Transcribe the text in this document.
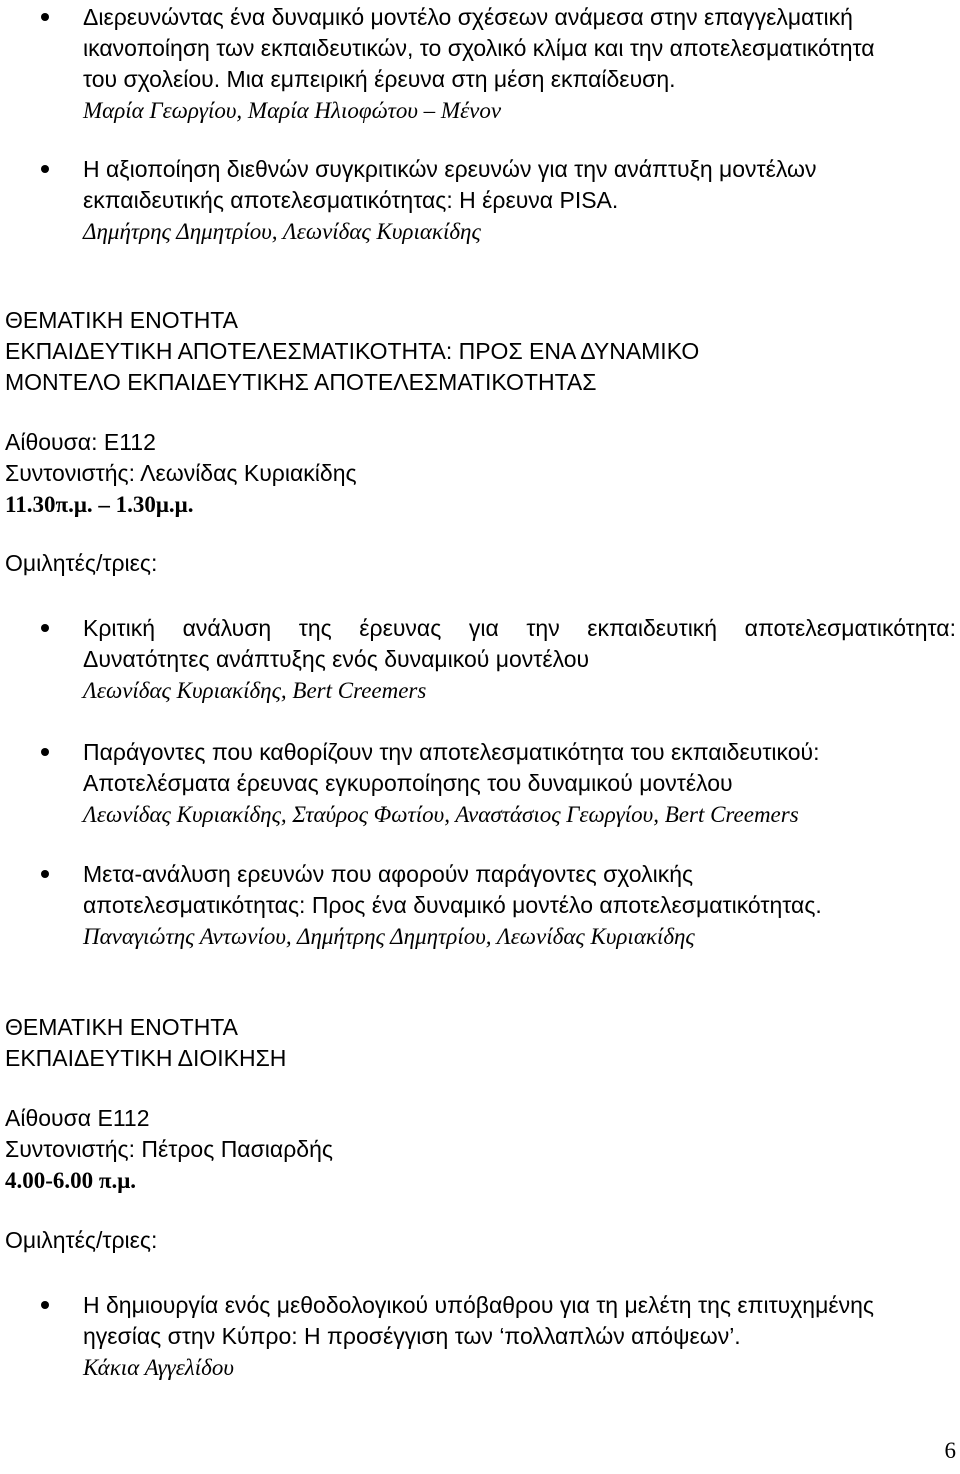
Διερευνώντας ένα δυναμικό μοντέλο σχέσεων ανάμεσα στην επαγγελματική
ικανοποίηση των εκπαιδευτικών, το σχολικό κλίμα και την αποτελεσματικότητα
του σχολείου. Μια εμπειρική έρευνα στη μέση εκπαίδευση.
Μαρία Γεωργίου, Μαρία Ηλιοφώτου – Μένον
Η αξιοποίηση διεθνών συγκριτικών ερευνών για την ανάπτυξη μοντέλων
εκπαιδευτικής αποτελεσματικότητας: Η έρευνα PISA.
Δημήτρης Δημητρίου, Λεωνίδας Κυριακίδης
ΘΕΜΑΤΙΚΗ ΕΝΟΤΗΤΑ
ΕΚΠΑΙΔΕΥΤΙΚΗ ΑΠΟΤΕΛΕΣΜΑΤΙΚΟΤΗΤΑ: ΠΡΟΣ ΕΝΑ ΔΥΝΑΜΙΚΟ
ΜΟΝΤΕΛΟ ΕΚΠΑΙΔΕΥΤΙΚΗΣ ΑΠΟΤΕΛΕΣΜΑΤΙΚΟΤΗΤΑΣ
Αίθουσα: Ε112
Συντονιστής: Λεωνίδας Κυριακίδης
11.30π.μ. – 1.30μ.μ.
Ομιλητές/τριες:
Κριτική ανάλυση της έρευνας για την εκπαιδευτική αποτελεσματικότητα:
Δυνατότητες ανάπτυξης ενός δυναμικού μοντέλου
Λεωνίδας Κυριακίδης, Bert Creemers
Παράγοντες που καθορίζουν την αποτελεσματικότητα του εκπαιδευτικού:
Αποτελέσματα έρευνας εγκυροποίησης του δυναμικού μοντέλου
Λεωνίδας Κυριακίδης, Σταύρος Φωτίου, Αναστάσιος Γεωργίου, Bert Creemers
Μετα-ανάλυση ερευνών που αφορούν παράγοντες σχολικής
αποτελεσματικότητας: Προς ένα δυναμικό μοντέλο αποτελεσματικότητας.
Παναγιώτης Αντωνίου, Δημήτρης Δημητρίου, Λεωνίδας Κυριακίδης
ΘΕΜΑΤΙΚΗ ΕΝΟΤΗΤΑ
ΕΚΠΑΙΔΕΥΤΙΚΗ ΔΙΟΙΚΗΣΗ
Αίθουσα Ε112
Συντονιστής: Πέτρος Πασιαρδής
4.00-6.00 π.μ.
Ομιλητές/τριες:
Η δημιουργία ενός μεθοδολογικού υπόβαθρου για τη μελέτη της επιτυχημένης
ηγεσίας στην Κύπρο: Η προσέγγιση των ‘πολλαπλών απόψεων’.
Κάκια Αγγελίδου
6
